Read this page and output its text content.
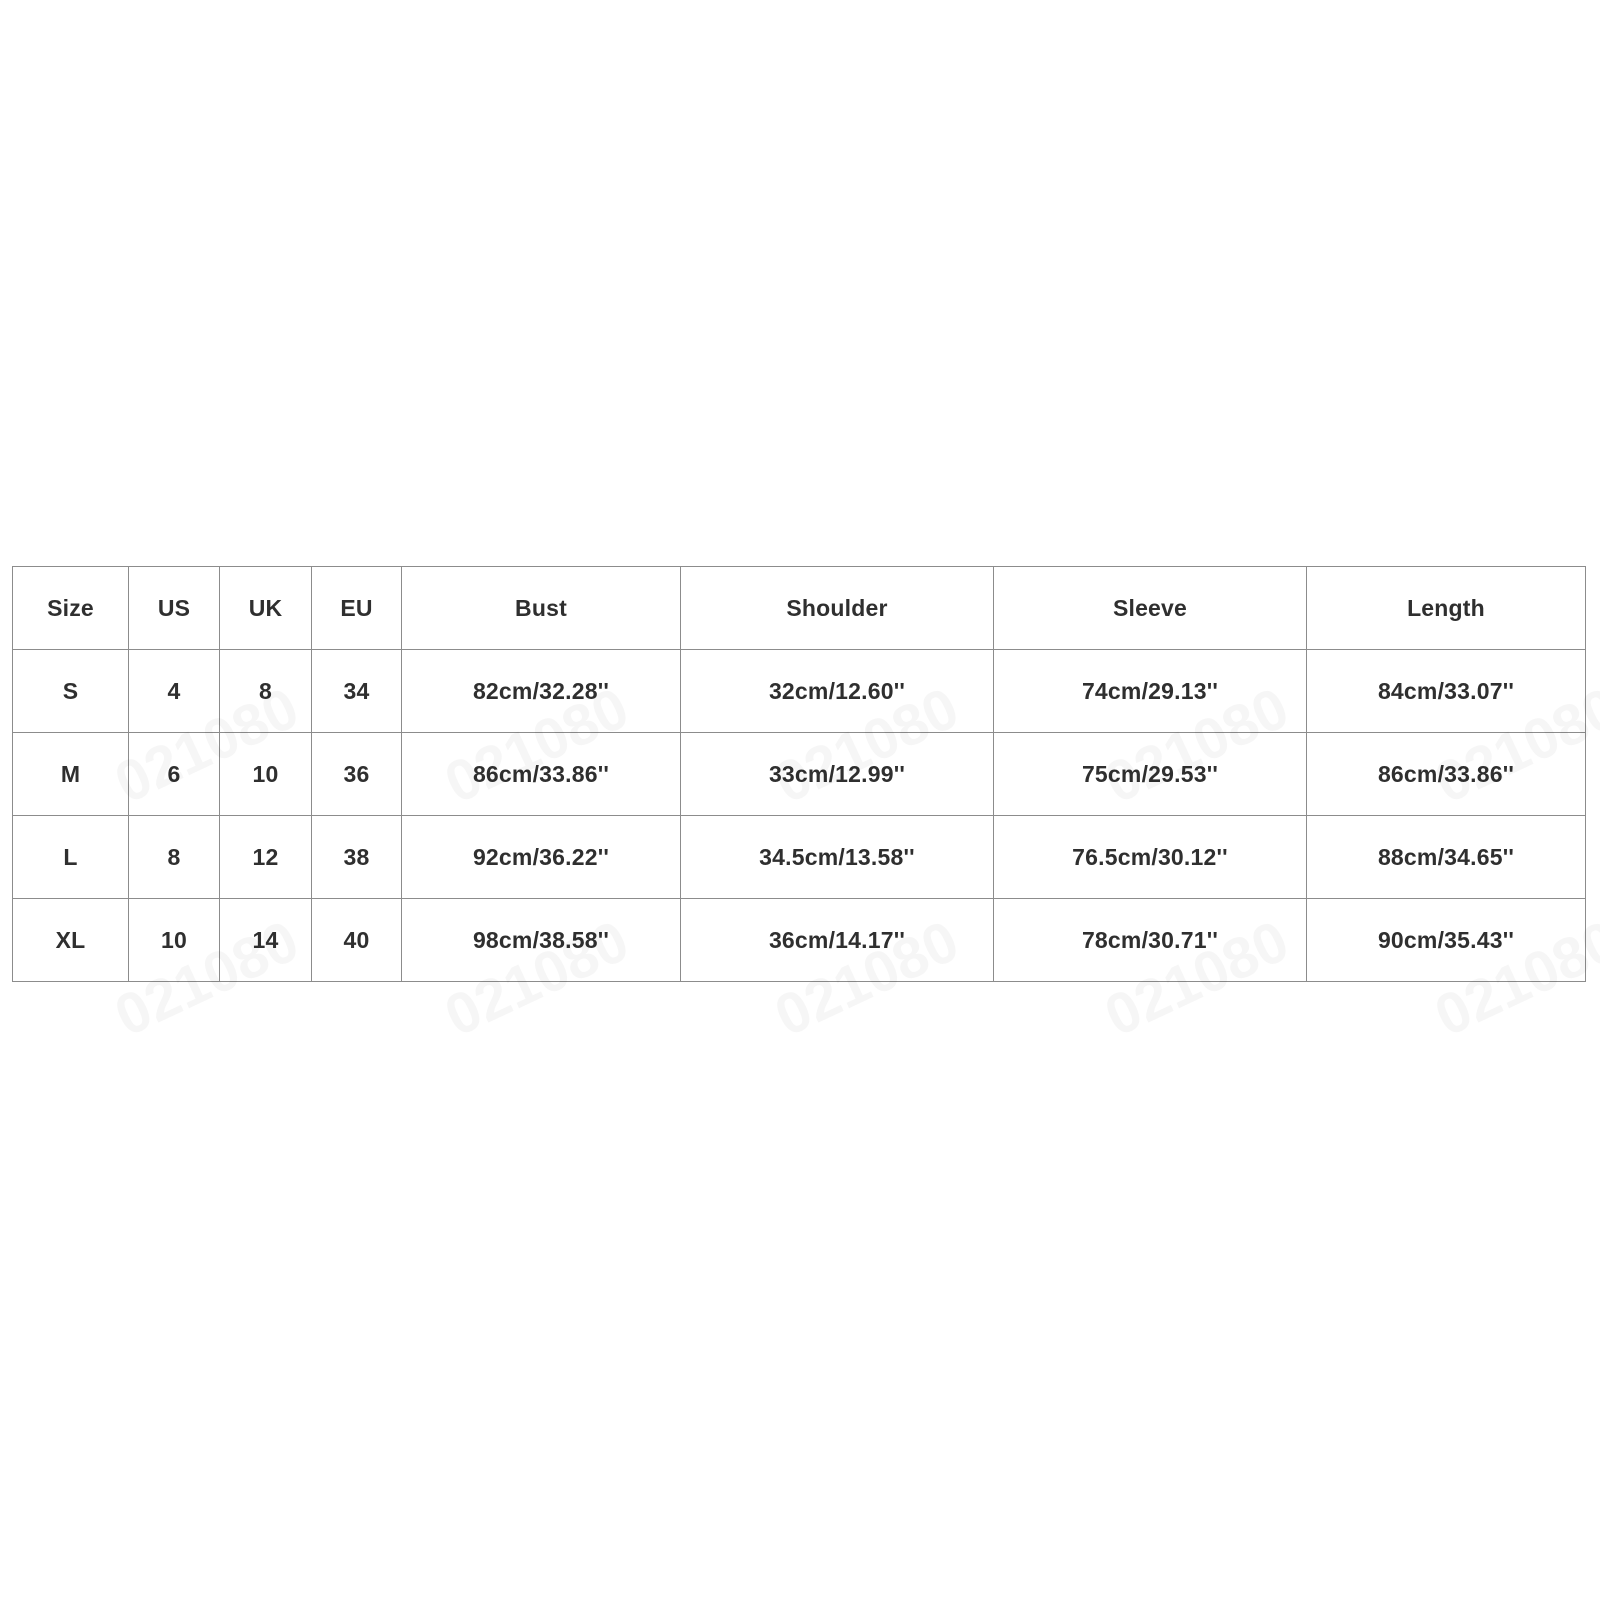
Size	US	UK	EU	Bust	Shoulder	Sleeve	Length
S	4	8	34	82cm/32.28''	32cm/12.60''	74cm/29.13''	84cm/33.07''
M	6	10	36	86cm/33.86''	33cm/12.99''	75cm/29.53''	86cm/33.86''
L	8	12	38	92cm/36.22''	34.5cm/13.58''	76.5cm/30.12''	88cm/34.65''
XL	10	14	40	98cm/38.58''	36cm/14.17''	78cm/30.71''	90cm/35.43''
